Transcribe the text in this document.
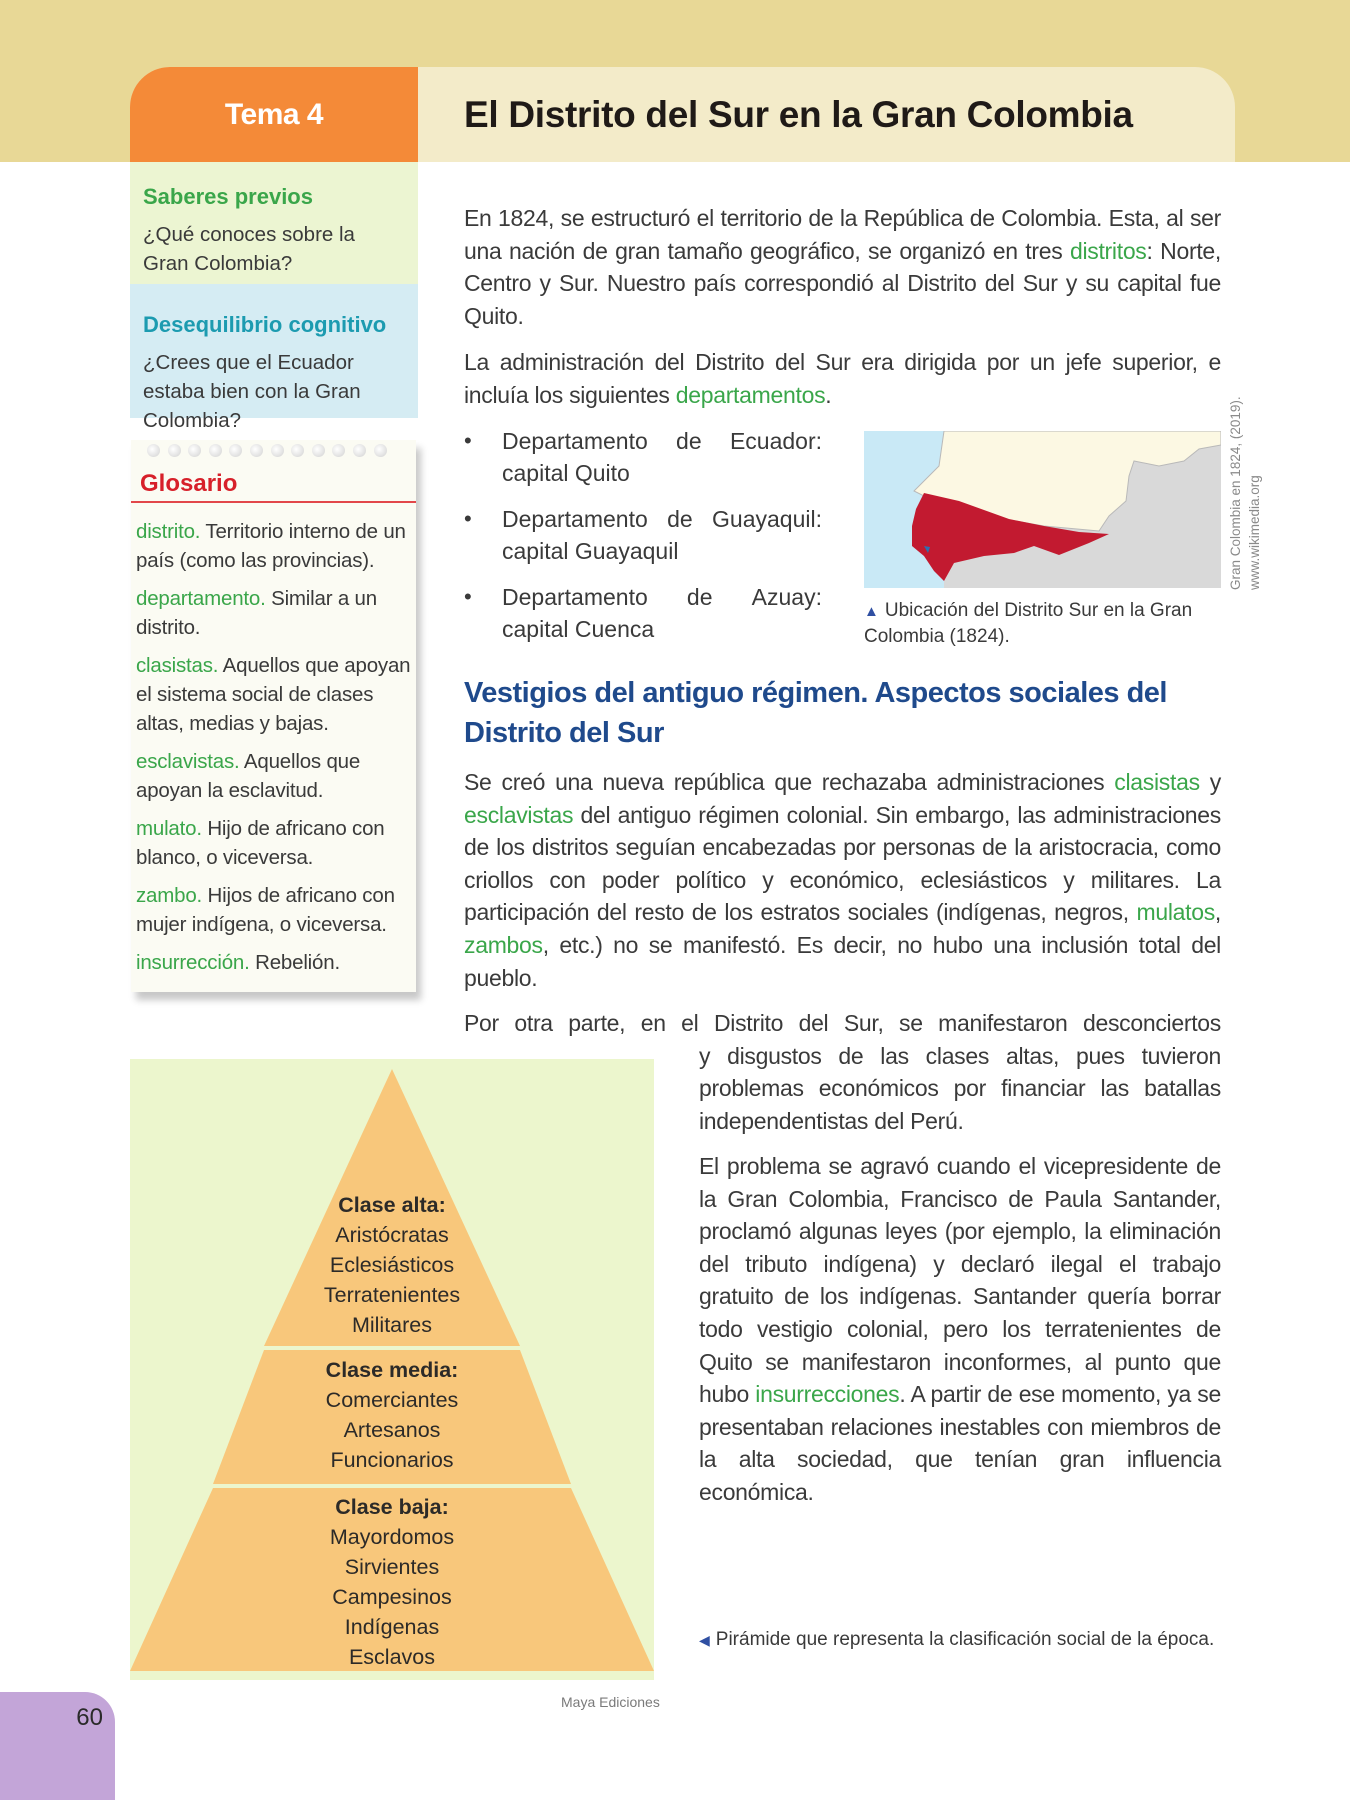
Tema 4	El Distrito del Sur en la Gran Colombia
Saberes previos
¿Qué conoces sobre la Gran Colombia?
Desequilibrio cognitivo
¿Crees que el Ecuador estaba bien con la Gran Colombia?
Glosario

distrito. Territorio interno de un país (como las provincias).

departamento. Similar a un distrito.

clasistas. Aquellos que apoyan el sistema social de clases altas, medias y bajas.

esclavistas. Aquellos que apoyan la esclavitud.

mulato. Hijo de africano con blanco, o viceversa.

zambo. Hijos de africano con mujer indígena, o viceversa.

insurrección. Rebelión.

En 1824, se estructuró el territorio de la República de Colombia. Esta, al ser una nación de gran tamaño geográfico, se organizó en tres distritos: Norte, Centro y Sur. Nuestro país correspondió al Distrito del Sur y su capital fue Quito.

La administración del Distrito del Sur era dirigida por un jefe superior, e incluía los siguientes departamentos.

• Departamento de Ecuador:
capital Quito
• Departamento de Guayaquil:
capital Guayaquil
• Departamento de Azuay:
capital Cuenca
Gran Colombia en 1824, (2019). www.wikimedia.org

▲ Ubicación del Distrito Sur en la Gran Colombia (1824).

Vestigios del antiguo régimen. Aspectos sociales del Distrito del Sur

Se creó una nueva república que rechazaba administraciones clasistas y esclavistas del antiguo régimen colonial. Sin embargo, las administraciones de los distritos seguían encabezadas por personas de la aristocracia, como criollos con poder político y económico, eclesiásticos y militares. La participación del resto de los estratos sociales (indígenas, negros, mulatos, zambos, etc.) no se manifestó. Es decir, no hubo una inclusión total del pueblo.

Por otra parte, en el Distrito del Sur, se manifestaron desconciertos
y disgustos de las clases altas, pues tuvieron problemas económicos por financiar las batallas independentistas del Perú.

El problema se agravó cuando el vicepresidente de la Gran Colombia, Francisco de Paula Santander, proclamó algunas leyes (por ejemplo, la eliminación del tributo indígena) y declaró ilegal el trabajo gratuito de los indígenas. Santander quería borrar todo vestigio colonial, pero los terratenientes de Quito se manifestaron inconformes, al punto que hubo insurrecciones. A partir de ese momento, ya se presentaban relaciones inestables con miembros de la alta sociedad, que tenían gran influencia económica.

Clase alta:
Aristócratas
Eclesiásticos
Terratenientes
Militares
Clase media:
Comerciantes
Artesanos
Funcionarios
Clase baja:
Mayordomos
Sirvientes
Campesinos
Indígenas
Esclavos

◀ Pirámide que representa la clasificación social de la época.

Maya Ediciones
60
